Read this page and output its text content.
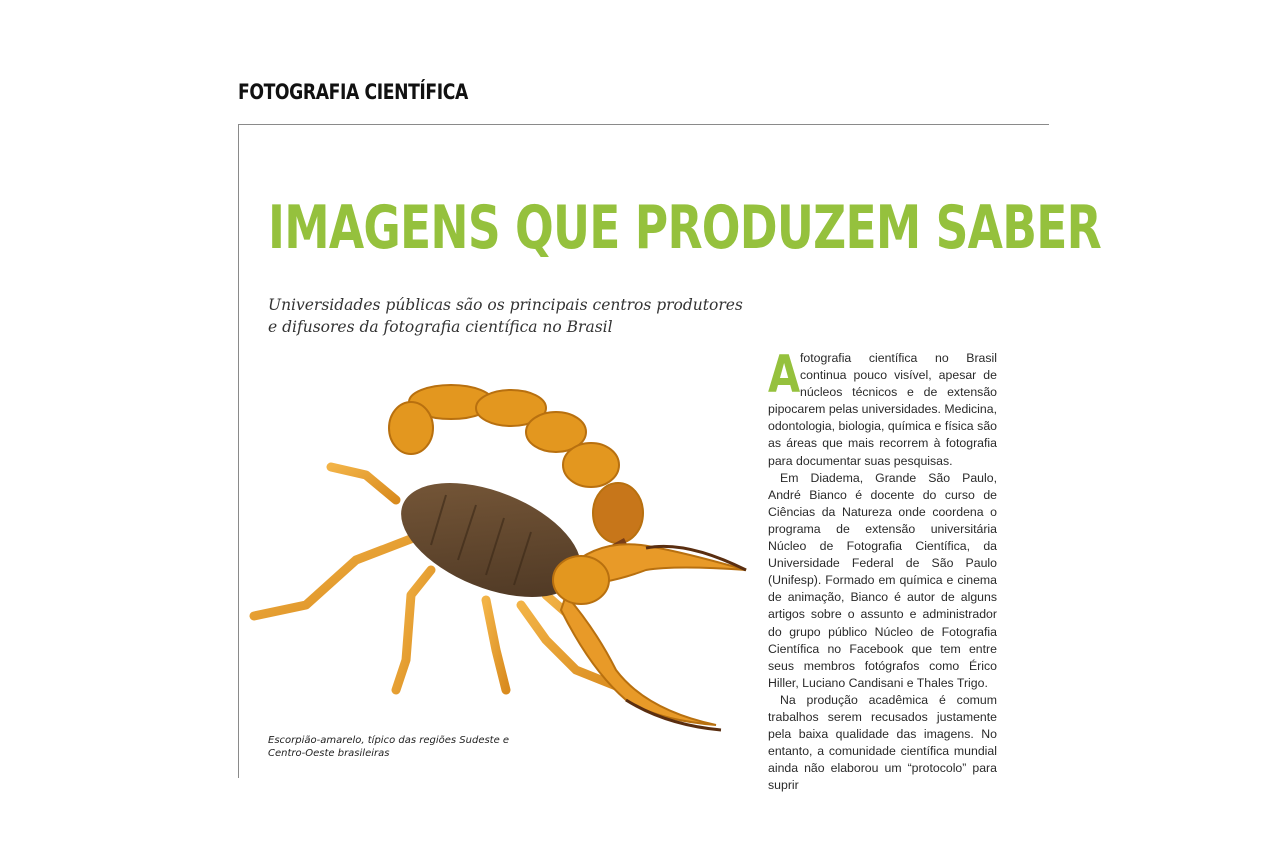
FOTOGRAFIA CIENTÍFICA
IMAGENS QUE PRODUZEM SABER
Universidades públicas são os principais centros produtores e difusores da fotografia científica no Brasil
Escorpião-amarelo, típico das regiões Sudeste e Centro-Oeste brasileiras

Afotografia científica no Brasil continua pouco visível, apesar de núcleos técnicos e de extensão pipocarem pelas universidades. Medicina, odontologia, biologia, química e física são as áreas que mais recorrem à fotografia para documentar suas pesquisas.

Em Diadema, Grande São Paulo, André Bianco é docente do curso de Ciências da Natureza onde coordena o programa de extensão universitária Núcleo de Fotografia Científica, da Universidade Federal de São Paulo (Unifesp). Formado em química e cinema de animação, Bianco é autor de alguns artigos sobre o assunto e administrador do grupo público Núcleo de Fotografia Científica no Facebook que tem entre seus membros fotógrafos como Érico Hiller, Luciano Candisani e Thales Trigo.

Na produção acadêmica é comum trabalhos serem recusados justamente pela baixa qualidade das imagens. No entanto, a comunidade científica mundial ainda não elaborou um “protocolo” para suprir
